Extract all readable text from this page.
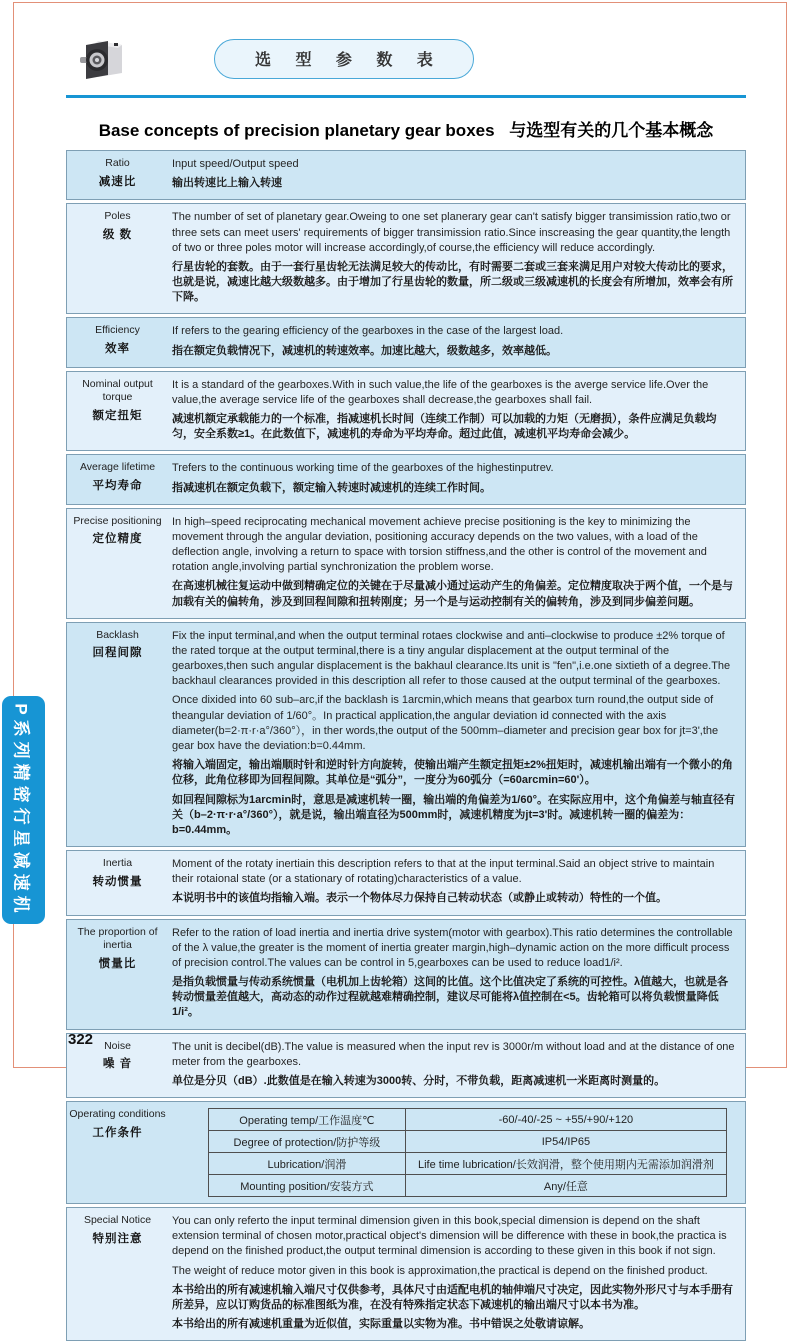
P系列精密行星减速机
选 型 参 数 表
Base concepts of precision planetary gear boxes 与选型有关的几个基本概念
Ratio
减速比

Input speed/Output speed

输出转速比上输入转速

Poles
级 数

The number of set of planetary gear.Oweing to one set planerary gear can't satisfy bigger transimission ratio,two or three sets can meet users' requirements of bigger transimission ratio.Since inscreasing the gear quantity,the length of two or three poles motor will increase accordingly,of course,the efficiency will reduce accordingly.

行星齿轮的套数。由于一套行星齿轮无法满足较大的传动比，有时需要二套或三套来满足用户对较大传动比的要求，也就是说，减速比越大级数越多。由于增加了行星齿轮的数量，所二级或三级减速机的长度会有所增加，效率会有所下降。

Efficiency
效率

If refers to the gearing efficiency of the gearboxes in the case of the largest load.

指在额定负载情况下，减速机的转速效率。加速比越大，级数越多，效率越低。

Nominal output torque
额定扭矩

It is a standard of the gearboxes.With in such value,the life of the gearboxes is the averge service life.Over the value,the average service life of the gearboxes shall decrease,the gearboxes shall fail.

减速机额定承载能力的一个标准，指减速机长时间（连续工作制）可以加载的力矩（无磨损），条件应满足负载均匀，安全系数≥1。在此数值下，减速机的寿命为平均寿命。超过此值，减速机平均寿命会减少。

Average lifetime
平均寿命

Trefers to the continuous working time of the gearboxes of the highestinputrev.

指减速机在额定负载下，额定输入转速时减速机的连续工作时间。

Precise positioning
定位精度

In high–speed reciprocating mechanical movement achieve precise positioning is the key to minimizing the movement through the angular deviation, positioning accuracy depends on the two values, with a load of the deflection angle, involving a return to space with torsion stiffness,and the other is control of the movement and rotation angle,involving partial synchronization the problem worse.

在高速机械往复运动中做到精确定位的关键在于尽量减小通过运动产生的角偏差。定位精度取决于两个值，一个是与加载有关的偏转角，涉及到回程间隙和扭转刚度；另一个是与运动控制有关的偏转角，涉及到同步偏差问题。

Backlash
回程间隙

Fix the input terminal,and when the output terminal rotaes clockwise and anti–clockwise to produce ±2% torque of the rated torque at the output terminal,there is a tiny angular displacement at the output terminal of the gearboxes,then such angular displacement is the bakhaul clearance.Its unit is "fen",i.e.one sixtieth of a degree.The backhaul clearances provided in this description all refer to those caused at the output terminal of the gearboxes.

Once dixided into 60 sub–arc,if the backlash is 1arcmin,which means that gearbox turn round,the output side of theangular deviation of 1/60°。In practical application,the angular deviation id connected with the axis diameter(b=2·π·r·a°/360°），in ther words,the output of the 500mm–diameter and precision gear box for jt=3',the gear box have the deviation:b=0.44mm.

将输入端固定，输出端顺时针和逆时针方向旋转，使输出端产生额定扭矩±2%扭矩时，减速机输出端有一个微小的角位移，此角位移即为回程间隙。其单位是“弧分”，一度分为60弧分（=60arcmin=60'）。

如回程间隙标为1arcmin时，意思是减速机转一圈，输出端的角偏差为1/60°。在实际应用中，这个角偏差与轴直径有关（b–2·π·r·a°/360°），就是说，输出端直径为500mm时，减速机精度为jt=3'时。减速机转一圈的偏差为：b=0.44mm。

Inertia
转动惯量

Moment of the rotaty inertiain this description refers to that at the input terminal.Said an object strive to maintain their rotaional state (or a stationary of rotating)characteristics of a value.

本说明书中的该值均指输入端。表示一个物体尽力保持自己转动状态（或静止或转动）特性的一个值。

The proportion of inertia
惯量比

Refer to the ration of load inertia and inertia drive system(motor with gearbox).This ratio determines the controllable of the λ value,the greater is the moment of inertia greater margin,high–dynamic action on the more difficult process of precision control.The values can be control in 5,gearboxes can be used to reduce load1/i².

是指负载惯量与传动系统惯量（电机加上齿轮箱）这间的比值。这个比值决定了系统的可控性。λ值越大，也就是各转动惯量差值越大，高动态的动作过程就越难精确控制，建议尽可能将λ值控制在<5。齿轮箱可以将负载惯量降低1/i²。

Noise
噪 音

The unit is decibel(dB).The value is measured when the input rev is 3000r/m without load and at the distance of one meter from the gearboxes.

单位是分贝（dB）.此数值是在输入转速为3000转、分时，不带负载，距离减速机一米距离时测量的。

Operating conditions
工作条件
Operating temp/工作温度℃	-60/-40/-25 ~ +55/+90/+120
Degree of protection/防护等级	IP54/IP65
Lubrication/润滑	Life time lubrication/长效润滑，整个使用期内无需添加润滑剂
Mounting position/安装方式	Any/任意
Special Notice
特别注意

You can only referto the input terminal dimension given in this book,special dimension is depend on the shaft extension terminal of chosen motor,practical object's dimension will be difference with these in book,the practica is depend on the finished product,the output terminal dimension is according to these given in this book if not sign.

The weight of reduce motor given in this book is approximation,the practical is depend on the finished product.

本书给出的所有减速机输入端尺寸仅供参考，具体尺寸由适配电机的轴伸端尺寸决定，因此实物外形尺寸与本手册有所差异，应以订购货品的标准图纸为准，在没有特殊指定状态下减速机的输出端尺寸以本书为准。

本书给出的所有减速机重量为近似值，实际重量以实物为准。书中错误之处敬请谅解。

322
